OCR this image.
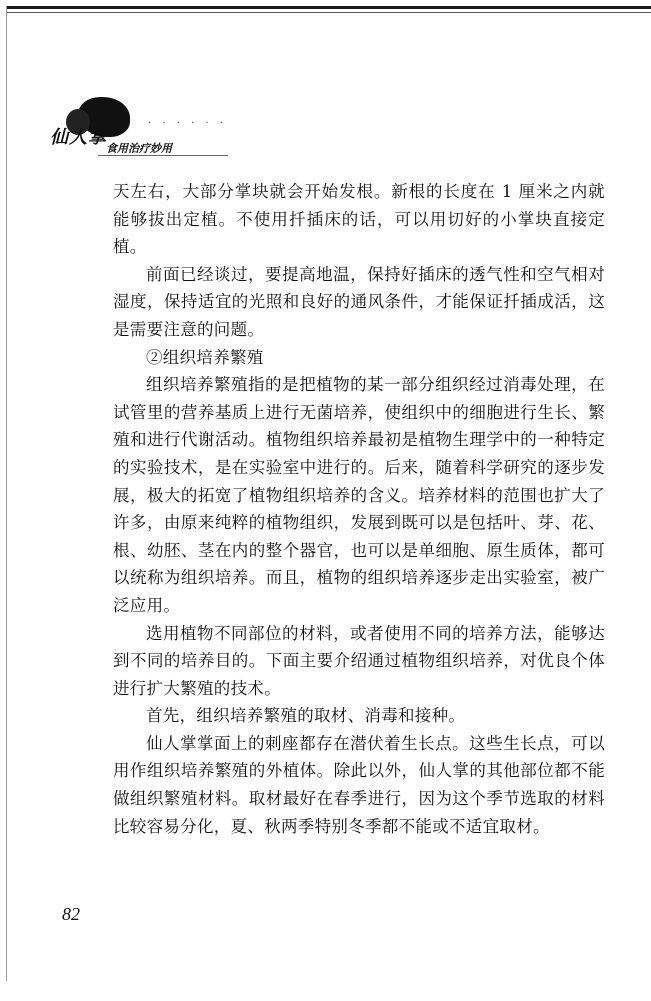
. . . . . .
仙人掌
食用治疗妙用

天左右，大部分掌块就会开始发根。新根的长度在 1 厘米之内就能够拔出定植。不使用扦插床的话，可以用切好的小掌块直接定植。

前面已经谈过，要提高地温，保持好插床的透气性和空气相对湿度，保持适宜的光照和良好的通风条件，才能保证扦插成活，这是需要注意的问题。

②组织培养繁殖

组织培养繁殖指的是把植物的某一部分组织经过消毒处理，在试管里的营养基质上进行无菌培养，使组织中的细胞进行生长、繁殖和进行代谢活动。植物组织培养最初是植物生理学中的一种特定的实验技术，是在实验室中进行的。后来，随着科学研究的逐步发展，极大的拓宽了植物组织培养的含义。培养材料的范围也扩大了许多，由原来纯粹的植物组织，发展到既可以是包括叶、芽、花、根、幼胚、茎在内的整个器官，也可以是单细胞、原生质体，都可以统称为组织培养。而且，植物的组织培养逐步走出实验室，被广泛应用。

选用植物不同部位的材料，或者使用不同的培养方法，能够达到不同的培养目的。下面主要介绍通过植物组织培养，对优良个体进行扩大繁殖的技术。

首先，组织培养繁殖的取材、消毒和接种。

仙人掌掌面上的刺座都存在潜伏着生长点。这些生长点，可以用作组织培养繁殖的外植体。除此以外，仙人掌的其他部位都不能做组织繁殖材料。取材最好在春季进行，因为这个季节选取的材料比较容易分化，夏、秋两季特别冬季都不能或不适宜取材。

82
